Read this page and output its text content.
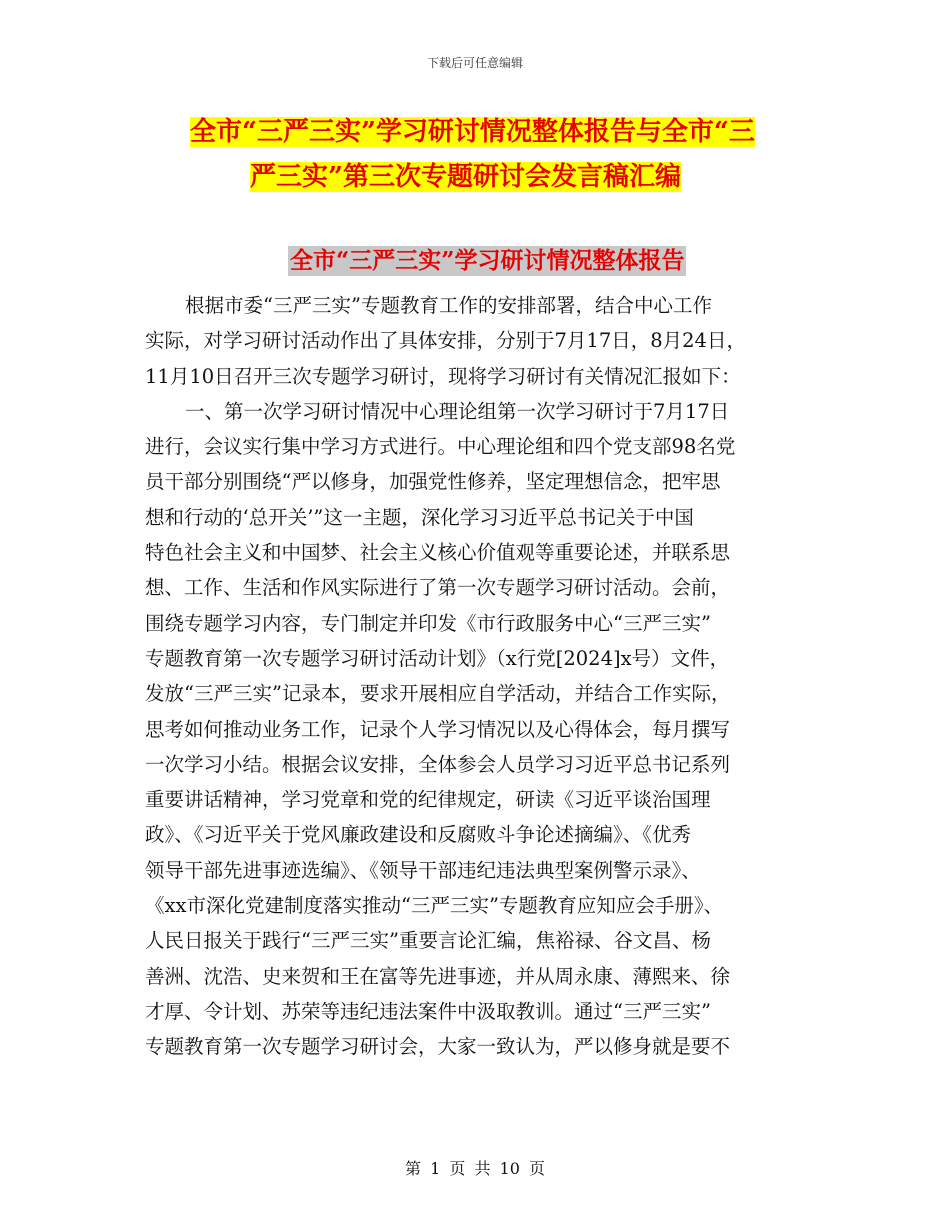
下载后可任意编辑
全市“三严三实”学习研讨情况整体报告与全市“三
严三实”第三次专题研讨会发言稿汇编
全市“三严三实”学习研讨情况整体报告
根据市委“三严三实”专题教育工作的安排部署，结合中心工作
实际，对学习研讨活动作出了具体安排，分别于7月17日，8月24日，
11月10日召开三次专题学习研讨，现将学习研讨有关情况汇报如下：
一、第一次学习研讨情况中心理论组第一次学习研讨于7月17日
进行，会议实行集中学习方式进行。中心理论组和四个党支部98名党
员干部分别围绕“严以修身，加强党性修养，坚定理想信念，把牢思
想和行动的‘总开关’”这一主题，深化学习习近平总书记关于中国
特色社会主义和中国梦、社会主义核心价值观等重要论述，并联系思
想、工作、生活和作风实际进行了第一次专题学习研讨活动。会前，
围绕专题学习内容，专门制定并印发《市行政服务中心“三严三实”
专题教育第一次专题学习研讨活动计划》（x行党[2024]x号）文件，
发放“三严三实”记录本，要求开展相应自学活动，并结合工作实际，
思考如何推动业务工作，记录个人学习情况以及心得体会，每月撰写
一次学习小结。根据会议安排，全体参会人员学习习近平总书记系列
重要讲话精神，学习党章和党的纪律规定，研读《习近平谈治国理
政》、《习近平关于党风廉政建设和反腐败斗争论述摘编》、《优秀
领导干部先进事迹选编》、《领导干部违纪违法典型案例警示录》、
《xx市深化党建制度落实推动“三严三实”专题教育应知应会手册》、
人民日报关于践行“三严三实”重要言论汇编，焦裕禄、谷文昌、杨
善洲、沈浩、史来贺和王在富等先进事迹，并从周永康、薄熙来、徐
才厚、令计划、苏荣等违纪违法案件中汲取教训。通过“三严三实”
专题教育第一次专题学习研讨会，大家一致认为，严以修身就是要不
第 1 页 共 10 页
